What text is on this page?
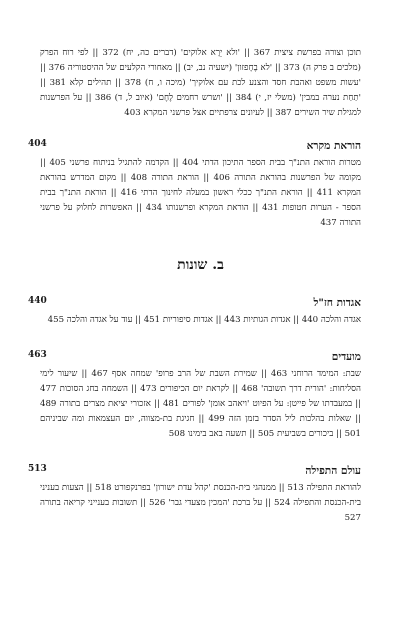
תוכן וצורה בפרשת ציצית 367 || 'ולא יֵרָא אלוקים' (דברים כה, יח) 372 || לפי רוח הפרק (מלכים ב פרק ה) 373 || 'לא בֶחָפזון' (ישעיה נב, יב) || מאחורי הקלעים של ההיסטוריה 376 || 'עשות משפט ואהבת חסד והצנע לכת עם אלוקיך' (מיכה ו, ח) 378 || תהילים קלא 381 || 'תַחַת נערה במבין' (משלי יז, י) 384 || 'ושרש רחמים לֶחֶם' (איוב ל, ד) 386 || על הפרשנות למגילת שיר השירים 387 || לעיונים צרפתיים אצל פרשני המקרא 403

404	הוראת מקרא

מטרות הוראת התנ"ך בבית הספר התיכון הדתי 404 || הקדמה להתגיל בניתוח פרשני 405 || מקומה של הפרשנות בהוראת התורה 406 || הוראת התורה 408 || מקום המדרש בהוראת המקרא 411 || הוראת התנ"ך ככלי ראשון במעלה לחינוך הדתי 416 || הוראת התנ"ך בבית הספר - הערות חטופות 431 || הוראת המקרא ופרשנותו 434 || האפשרות לחלוק על פרשני התורה 437

ב. שונות
440	אגדות חז"ל

אגדה והלכה 440 || אגדות הגותיות 443 || אגדות סיפוריות 451 || עוד על אגדה והלכה 455

463	מועדים

שבת: המימד הרוחני 463 || שמירת השבת של הרב פרופ' שמחה אסף 467 || שיעור לימי הסליחות: 'הורית דרך תשובה' 468 || לקראת יום הכיפורים 473 || השמחה בחג הסוכות 477 || במעבדתו של פייטן: על הפיוט 'ויאהב אומן' לפורים 481 || אזכורי יציאת מצרים בתורה 489 || שאלות בהלכות ליל הסדר בזמן הזה 499 || חגיגת בת-מצווה, יום העצמאות ומה שביניהם 501 || ביכורים בשביעית 505 || תשעה באב בימינו 508

513	עולם התפילה

להוראת התפילה 513 || ממנהגי בית-הכנסת 'קהל עדת ישורון' בפרנקפורט 518 || הצעות בעניני בית-הכנסת והתפילה 524 || על ברכת 'המכין מצעדי גבר' 526 || תשובות בענייני קריאה בתורה 527
